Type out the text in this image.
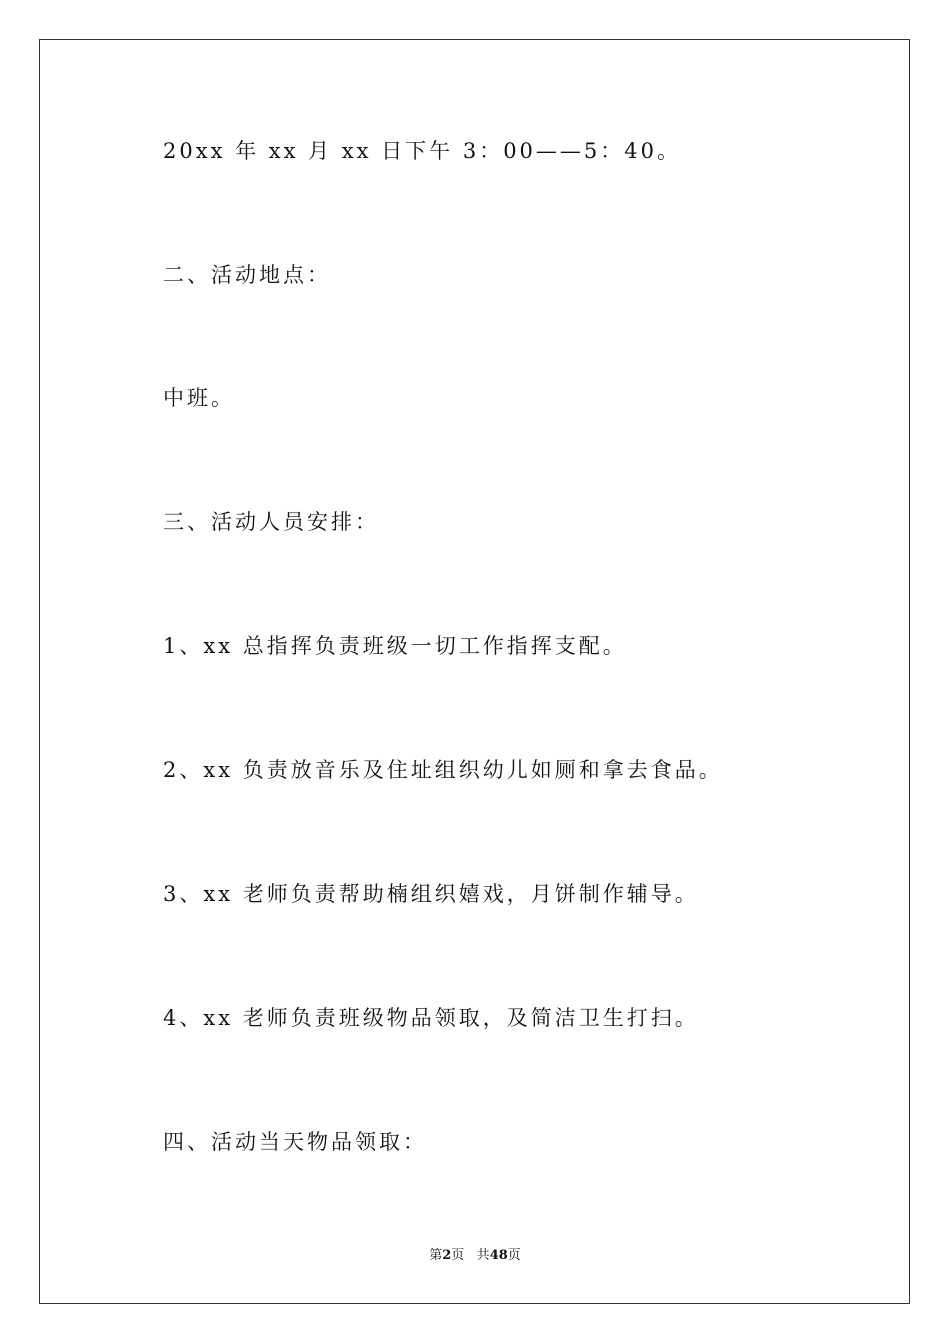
20xx 年 xx 月 xx 日下午 3：00——5：40。
二、活动地点：
中班。
三、活动人员安排：
1、xx 总指挥负责班级一切工作指挥支配。
2、xx 负责放音乐及住址组织幼儿如厕和拿去食品。
3、xx 老师负责帮助楠组织嬉戏，月饼制作辅导。
4、xx 老师负责班级物品领取，及简洁卫生打扫。
四、活动当天物品领取：
第2页 共48页
